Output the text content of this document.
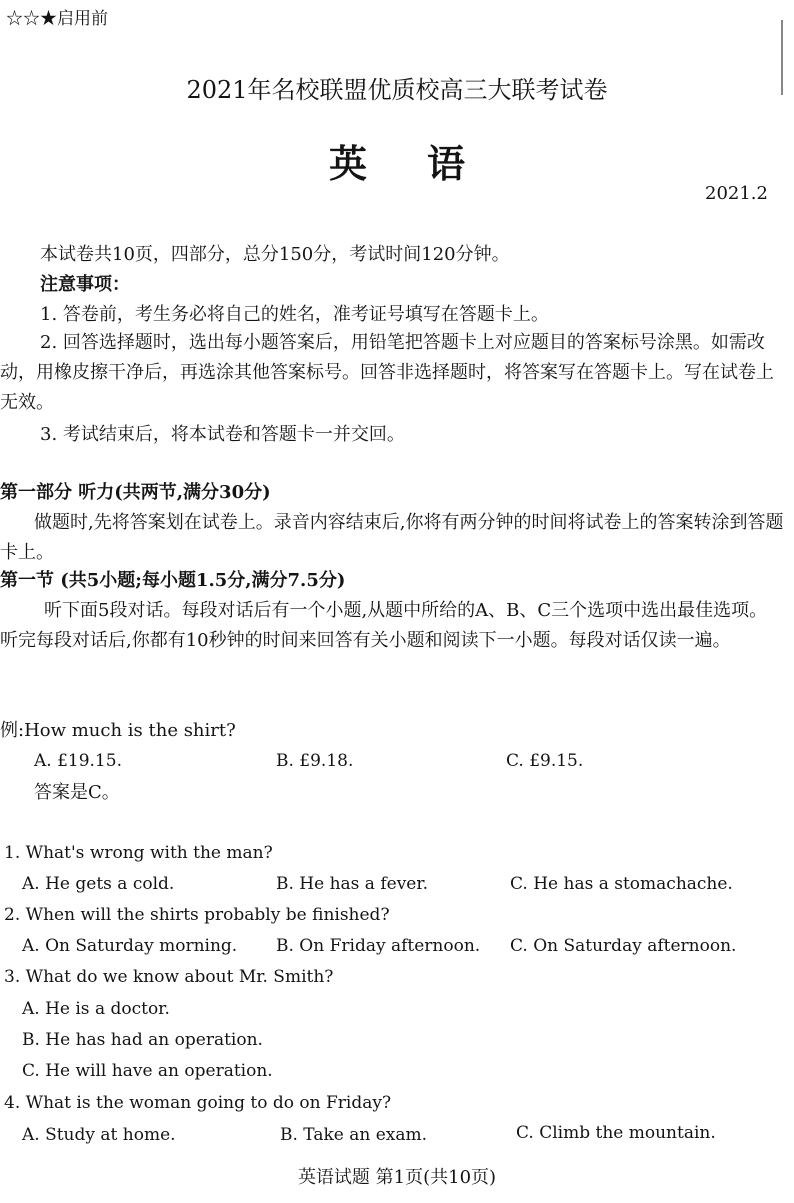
☆☆★启用前
2021年名校联盟优质校高三大联考试卷
英语
2021.2
本试卷共10页，四部分，总分150分，考试时间120分钟。
注意事项：
1. 答卷前，考生务必将自己的姓名，准考证号填写在答题卡上。
2. 回答选择题时，选出每小题答案后，用铅笔把答题卡上对应题目的答案标号涂黑。如需改动，用橡皮擦干净后，再选涂其他答案标号。回答非选择题时，将答案写在答题卡上。写在试卷上无效。
3. 考试结束后，将本试卷和答题卡一并交回。
第一部分 听力(共两节,满分30分)
做题时,先将答案划在试卷上。录音内容结束后,你将有两分钟的时间将试卷上的答案转涂到答题卡上。
第一节 (共5小题;每小题1.5分,满分7.5分)
听下面5段对话。每段对话后有一个小题,从题中所给的A、B、C三个选项中选出最佳选项。听完每段对话后,你都有10秒钟的时间来回答有关小题和阅读下一小题。每段对话仅读一遍。
例:How much is the shirt?
A. £19.15.	B. £9.18.	C. £9.15.
答案是C。
1. What's wrong with the man?
A. He gets a cold.	B. He has a fever.	C. He has a stomachache.
2. When will the shirts probably be finished?
A. On Saturday morning. B. On Friday afternoon. C. On Saturday afternoon.
3. What do we know about Mr. Smith?
A. He is a doctor.
B. He has had an operation.
C. He will have an operation.
4. What is the woman going to do on Friday?
A. Study at home.	B. Take an exam.	C. Climb the mountain.
英语试题 第1页(共10页)
